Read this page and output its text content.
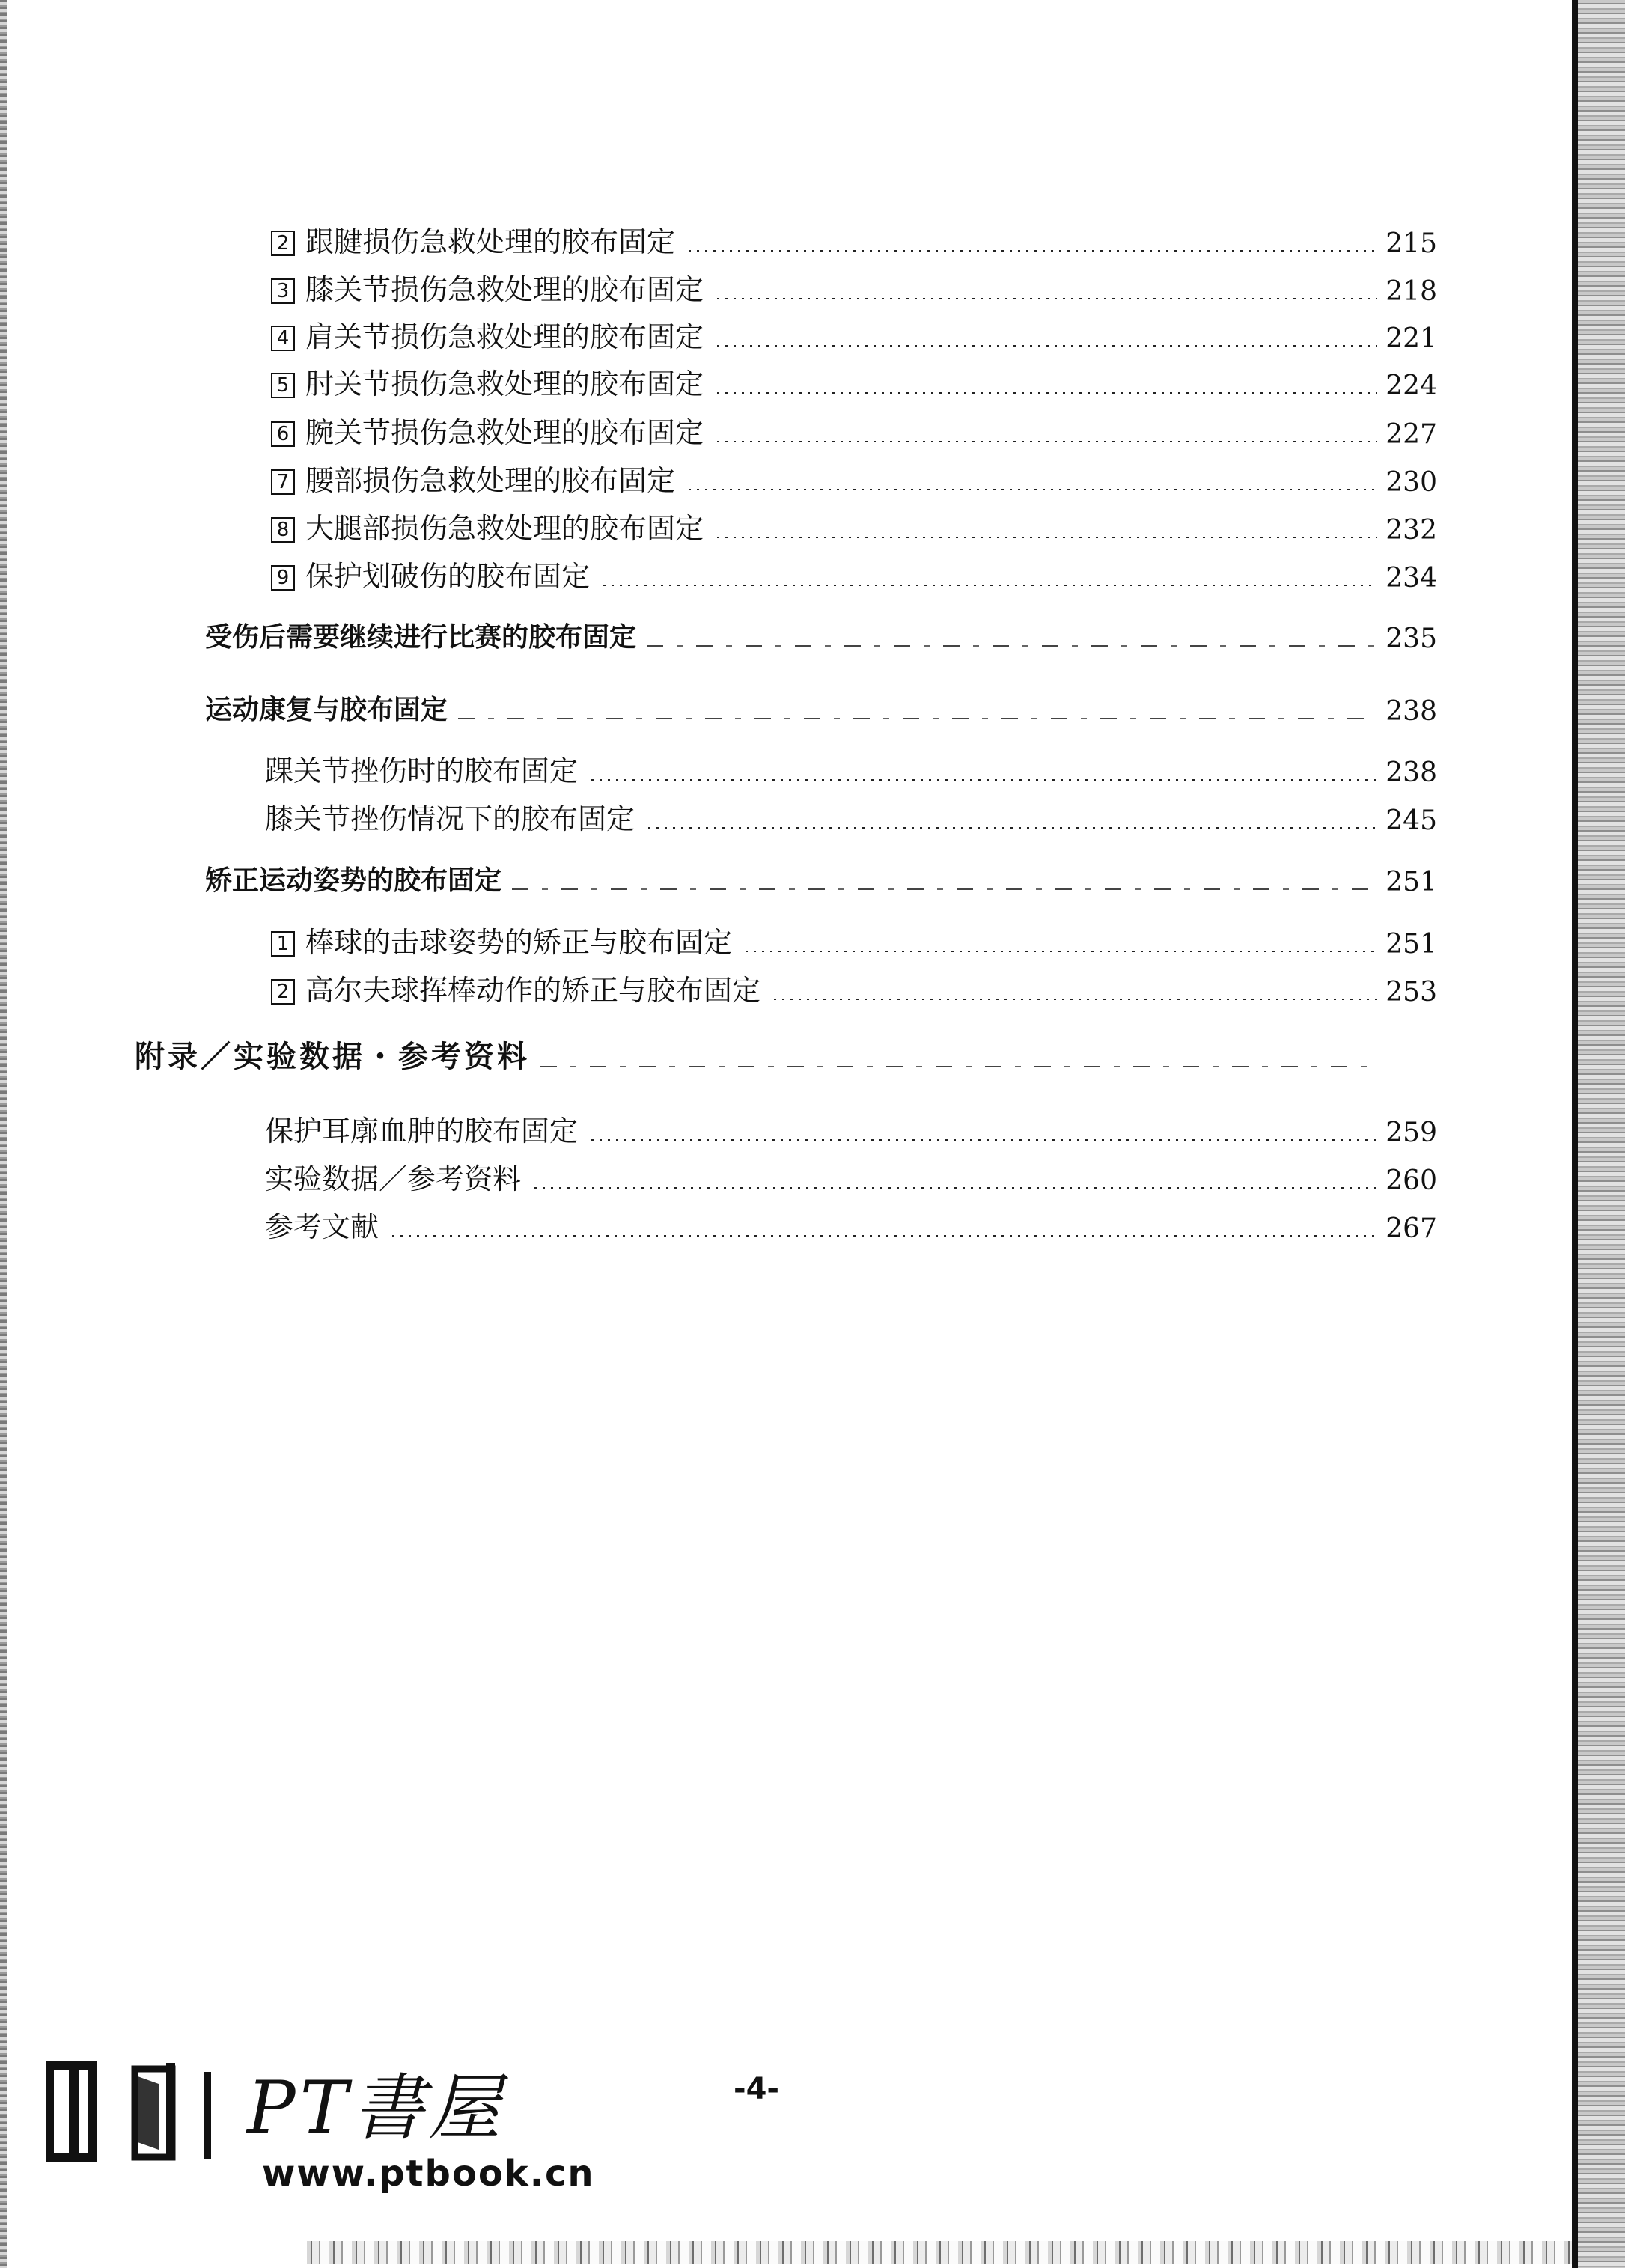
2 跟腱损伤急救处理的胶布固定	215
3 膝关节损伤急救处理的胶布固定	218
4 肩关节损伤急救处理的胶布固定	221
5 肘关节损伤急救处理的胶布固定	224
6 腕关节损伤急救处理的胶布固定	227
7 腰部损伤急救处理的胶布固定	230
8 大腿部损伤急救处理的胶布固定	232
9 保护划破伤的胶布固定	234
受伤后需要继续进行比赛的胶布固定	235
运动康复与胶布固定	238
踝关节挫伤时的胶布固定	238
膝关节挫伤情况下的胶布固定	245
矫正运动姿势的胶布固定	251
1 棒球的击球姿势的矫正与胶布固定	251
2 高尔夫球挥棒动作的矫正与胶布固定	253
附录／实验数据・参考资料
保护耳廓血肿的胶布固定	259
实验数据／参考资料	260
参考文献	267
PT書屋
www.ptbook.cn
-4-
